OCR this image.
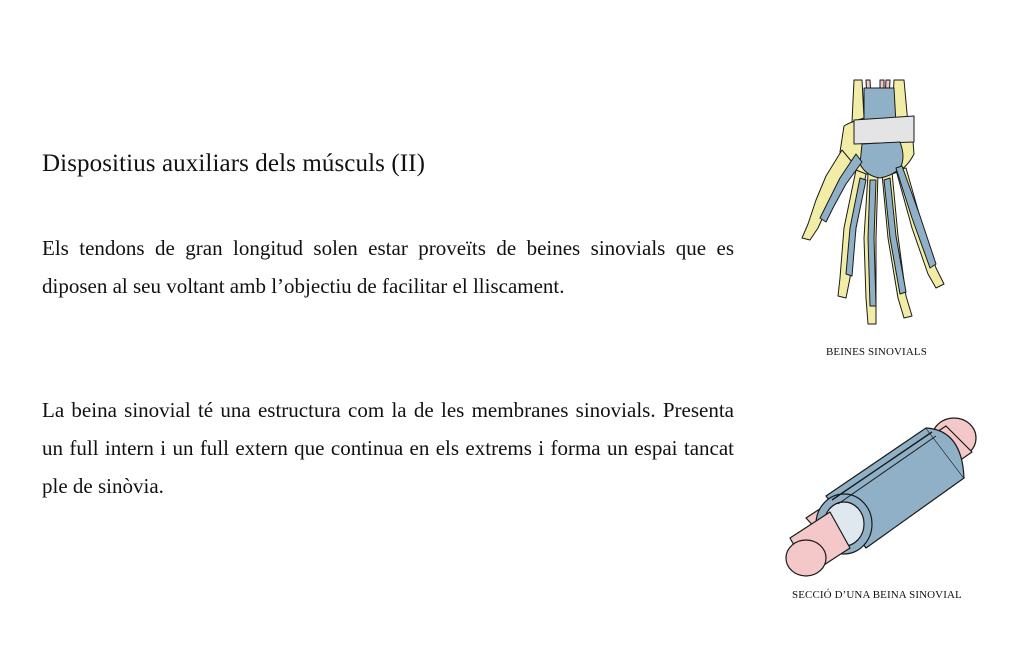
Dispositius auxiliars dels músculs (II)

Els tendons de gran longitud solen estar proveïts de beines sinovials que es diposen al seu voltant amb l’objectiu de facilitar el lliscament.

La beina sinovial té una estructura com la de les membranes sinovials. Presenta un full intern i un full extern que continua en els extrems i forma un espai tancat ple de sinòvia.

BEINES SINOVIALS
SECCIÓ D’UNA BEINA SINOVIAL
